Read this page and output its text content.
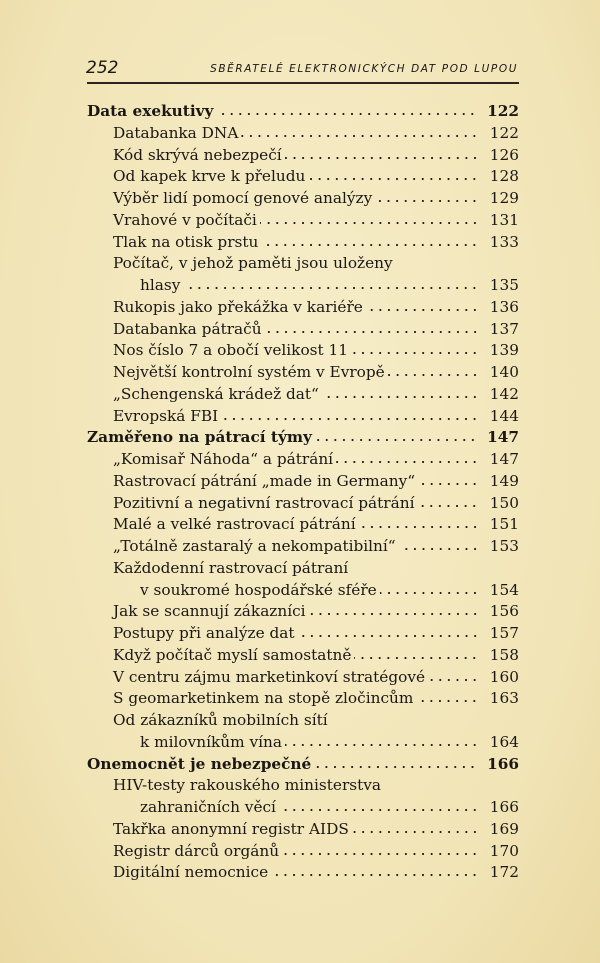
252	SBĚRATELÉ ELEKTRONICKÝCH DAT POD LUPOU
Data exekutivy	122
Databanka DNA	122
Kód skrývá nebezpečí	126
Od kapek krve k přeludu	128
Výběr lidí pomocí genové analýzy	129
Vrahové v počítači	131
Tlak na otisk prstu	133
Počítač, v jehož paměti jsou uloženy
hlasy	135
Rukopis jako překážka v kariéře	136
Databanka pátračů	137
Nos číslo 7 a obočí velikost 11	139
Největší kontrolní systém v Evropě	140
„Schengenská krádež dat“	142
Evropská FBI	144
Zaměřeno na pátrací týmy	147
„Komisař Náhoda“ a pátrání	147
Rastrovací pátrání „made in Germany“	149
Pozitivní a negativní rastrovací pátrání	150
Malé a velké rastrovací pátrání	151
„Totálně zastaralý a nekompatibilní“	153
Každodenní rastrovací pátraní
v soukromé hospodářské sféře	154
Jak se scannují zákazníci	156
Postupy při analýze dat	157
Když počítač myslí samostatně	158
V centru zájmu marketinkoví stratégové	160
S geomarketinkem na stopě zločincům	163
Od zákazníků mobilních sítí
k milovníkům vína	164
Onemocnět je nebezpečné	166
HIV-testy rakouského ministerstva
zahraničních věcí	166
Takřka anonymní registr AIDS	169
Registr dárců orgánů	170
Digitální nemocnice	172
